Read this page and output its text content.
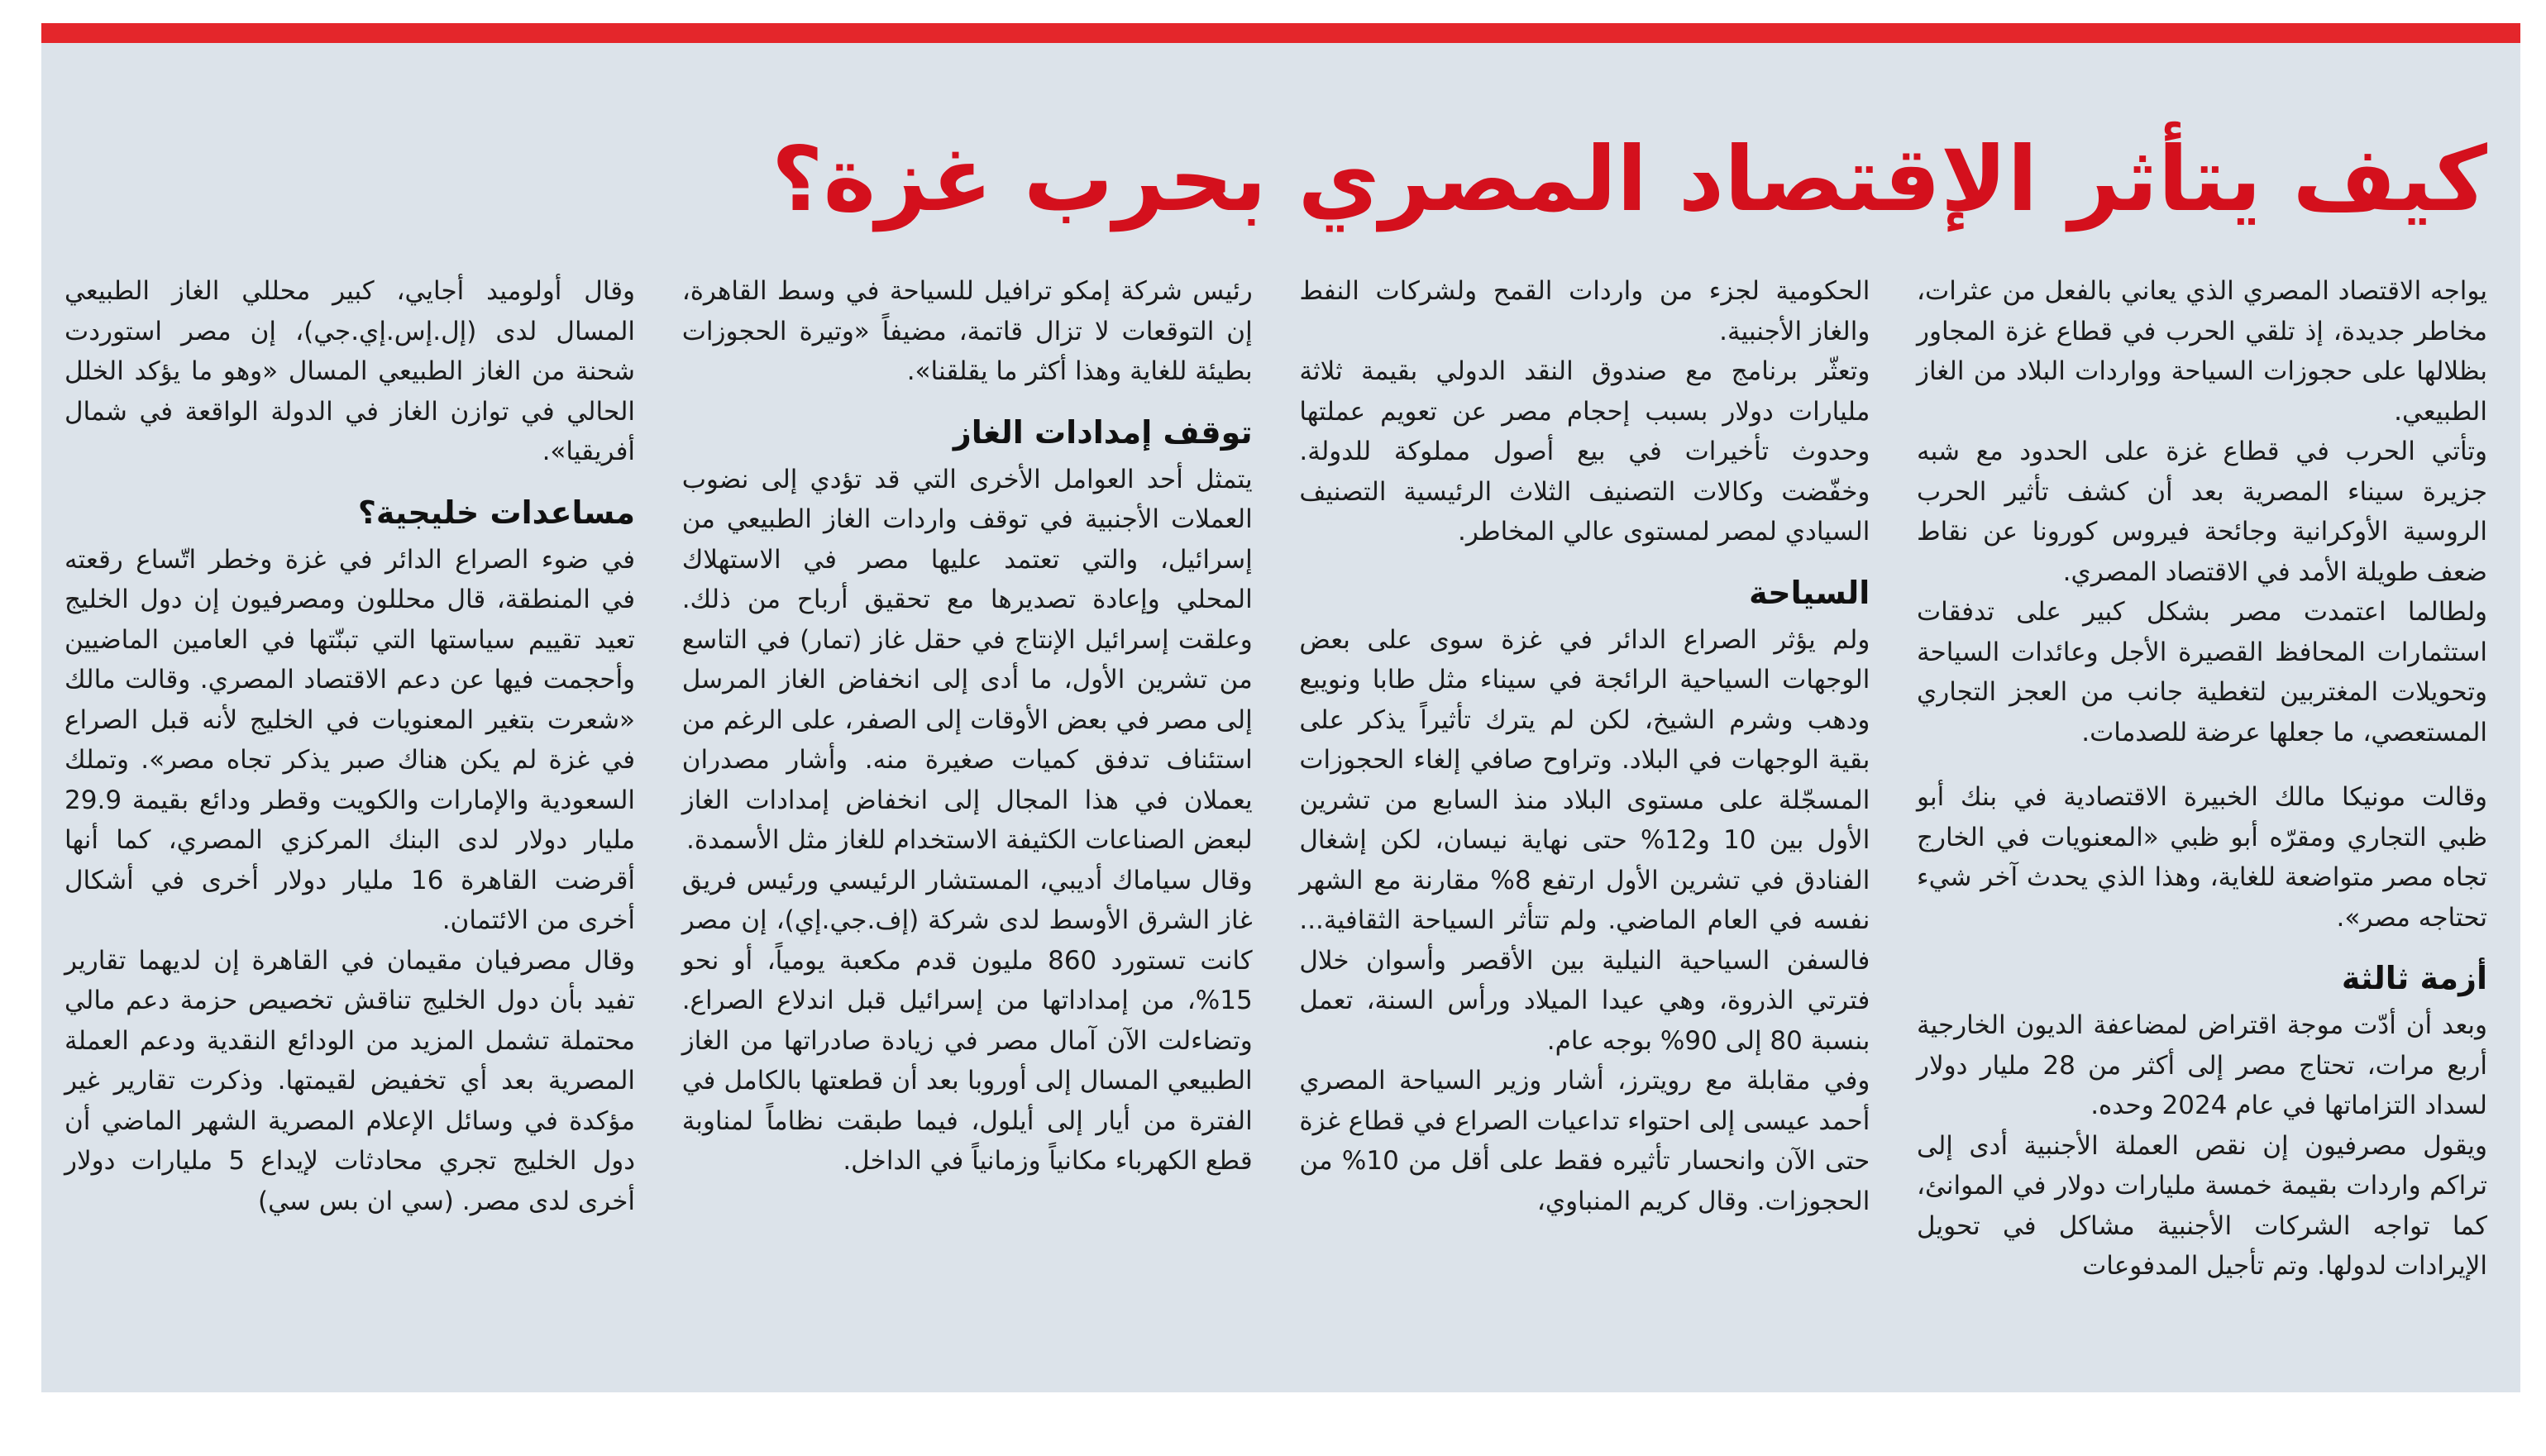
كيف يتأثر الإقتصاد المصري بحرب غزة؟

يواجه الاقتصاد المصري الذي يعاني بالفعل من عثرات، مخاطر جديدة، إذ تلقي الحرب في قطاع غزة المجاور بظلالها على حجوزات السياحة وواردات البلاد من الغاز الطبيعي.

وتأتي الحرب في قطاع غزة على الحدود مع شبه جزيرة سيناء المصرية بعد أن كشف تأثير الحرب الروسية الأوكرانية وجائحة فيروس كورونا عن نقاط ضعف طويلة الأمد في الاقتصاد المصري.

ولطالما اعتمدت مصر بشكل كبير على تدفقات استثمارات المحافظ القصيرة الأجل وعائدات السياحة وتحويلات المغتربين لتغطية جانب من العجز التجاري المستعصي، ما جعلها عرضة للصدمات.

وقالت مونيكا مالك الخبيرة الاقتصادية في بنك أبو ظبي التجاري ومقرّه أبو ظبي «المعنويات في الخارج تجاه مصر متواضعة للغاية، وهذا الذي يحدث آخر شيء تحتاجه مصر».

أزمة ثالثة

وبعد أن أدّت موجة اقتراض لمضاعفة الديون الخارجية أربع مرات، تحتاج مصر إلى أكثر من 28 مليار دولار لسداد التزاماتها في عام 2024 وحده.

ويقول مصرفيون إن نقص العملة الأجنبية أدى إلى تراكم واردات بقيمة خمسة مليارات دولار في الموانئ، كما تواجه الشركات الأجنبية مشاكل في تحويل الإيرادات لدولها. وتم تأجيل المدفوعات

الحكومية لجزء من واردات القمح ولشركات النفط والغاز الأجنبية.

وتعثّر برنامج مع صندوق النقد الدولي بقيمة ثلاثة مليارات دولار بسبب إحجام مصر عن تعويم عملتها وحدوث تأخيرات في بيع أصول مملوكة للدولة. وخفّضت وكالات التصنيف الثلاث الرئيسية التصنيف السيادي لمصر لمستوى عالي المخاطر.

السياحة

ولم يؤثر الصراع الدائر في غزة سوى على بعض الوجهات السياحية الرائجة في سيناء مثل طابا ونويبع ودهب وشرم الشيخ، لكن لم يترك تأثيراً يذكر على بقية الوجهات في البلاد. وتراوح صافي إلغاء الحجوزات المسجّلة على مستوى البلاد منذ السابع من تشرين الأول بين 10 و12% حتى نهاية نيسان، لكن إشغال الفنادق في تشرين الأول ارتفع 8% مقارنة مع الشهر نفسه في العام الماضي. ولم تتأثر السياحة الثقافية... فالسفن السياحية النيلية بين الأقصر وأسوان خلال فترتي الذروة، وهي عيدا الميلاد ورأس السنة، تعمل بنسبة 80 إلى 90% بوجه عام.

وفي مقابلة مع رويترز، أشار وزير السياحة المصري أحمد عيسى إلى احتواء تداعيات الصراع في قطاع غزة حتى الآن وانحسار تأثيره فقط على أقل من 10% من الحجوزات. وقال كريم المنباوي،

رئيس شركة إمكو ترافيل للسياحة في وسط القاهرة، إن التوقعات لا تزال قاتمة، مضيفاً «وتيرة الحجوزات بطيئة للغاية وهذا أكثر ما يقلقنا».

توقف إمدادات الغاز

يتمثل أحد العوامل الأخرى التي قد تؤدي إلى نضوب العملات الأجنبية في توقف واردات الغاز الطبيعي من إسرائيل، والتي تعتمد عليها مصر في الاستهلاك المحلي وإعادة تصديرها مع تحقيق أرباح من ذلك. وعلقت إسرائيل الإنتاج في حقل غاز (تمار) في التاسع من تشرين الأول، ما أدى إلى انخفاض الغاز المرسل إلى مصر في بعض الأوقات إلى الصفر، على الرغم من استئناف تدفق كميات صغيرة منه. وأشار مصدران يعملان في هذا المجال إلى انخفاض إمدادات الغاز لبعض الصناعات الكثيفة الاستخدام للغاز مثل الأسمدة.

وقال سياماك أديبي، المستشار الرئيسي ورئيس فريق غاز الشرق الأوسط لدى شركة (إف.جي.إي)، إن مصر كانت تستورد 860 مليون قدم مكعبة يومياً، أو نحو 15%، من إمداداتها من إسرائيل قبل اندلاع الصراع. وتضاءلت الآن آمال مصر في زيادة صادراتها من الغاز الطبيعي المسال إلى أوروبا بعد أن قطعتها بالكامل في الفترة من أيار إلى أيلول، فيما طبقت نظاماً لمناوبة قطع الكهرباء مكانياً وزمانياً في الداخل.

وقال أولوميد أجايي، كبير محللي الغاز الطبيعي المسال لدى (إل.إس.إي.جي)، إن مصر استوردت شحنة من الغاز الطبيعي المسال «وهو ما يؤكد الخلل الحالي في توازن الغاز في الدولة الواقعة في شمال أفريقيا».

مساعدات خليجية؟

في ضوء الصراع الدائر في غزة وخطر اتّساع رقعته في المنطقة، قال محللون ومصرفيون إن دول الخليج تعيد تقييم سياستها التي تبنّتها في العامين الماضيين وأحجمت فيها عن دعم الاقتصاد المصري. وقالت مالك «شعرت بتغير المعنويات في الخليج لأنه قبل الصراع في غزة لم يكن هناك صبر يذكر تجاه مصر». وتملك السعودية والإمارات والكويت وقطر ودائع بقيمة 29.9 مليار دولار لدى البنك المركزي المصري، كما أنها أقرضت القاهرة 16 مليار دولار أخرى في أشكال أخرى من الائتمان.

وقال مصرفيان مقيمان في القاهرة إن لديهما تقارير تفيد بأن دول الخليج تناقش تخصيص حزمة دعم مالي محتملة تشمل المزيد من الودائع النقدية ودعم العملة المصرية بعد أي تخفيض لقيمتها. وذكرت تقارير غير مؤكدة في وسائل الإعلام المصرية الشهر الماضي أن دول الخليج تجري محادثات لإيداع 5 مليارات دولار أخرى لدى مصر. (سي ان بس سي)
